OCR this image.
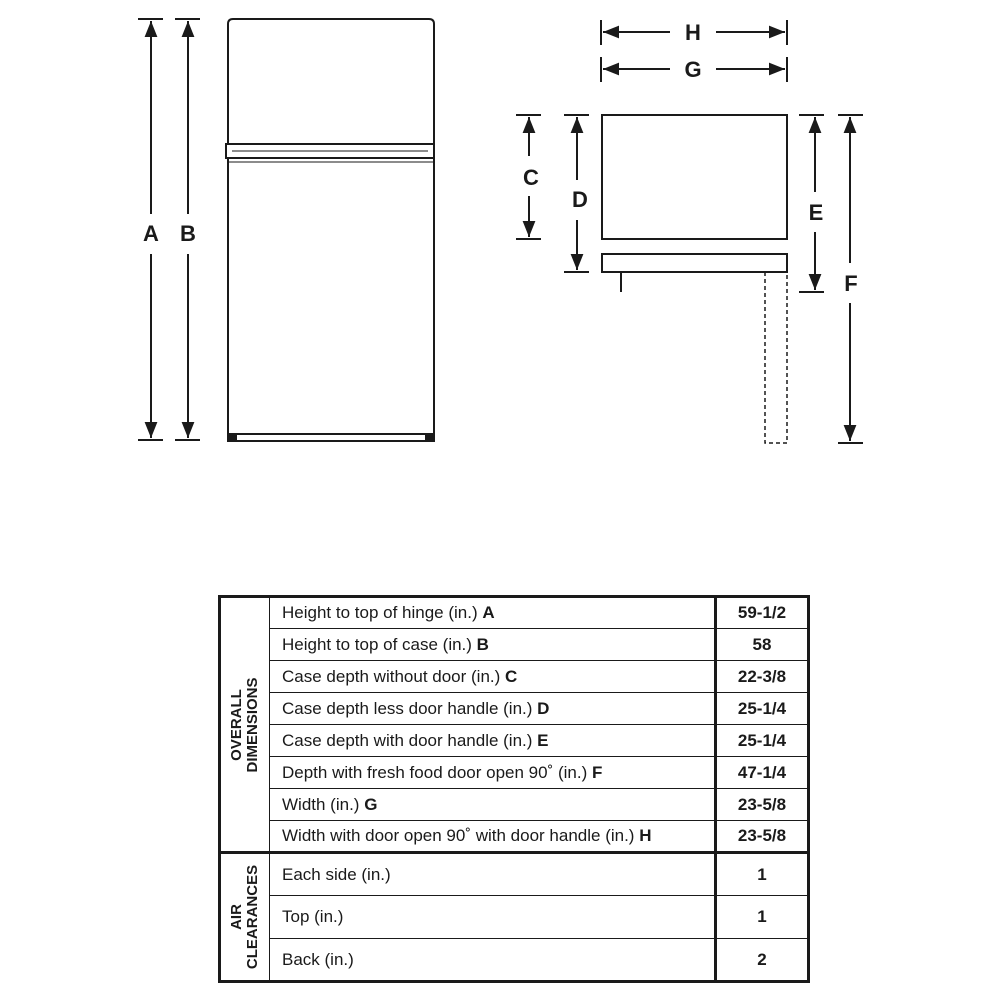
A B
H
G
C
D
E
F
OVERALL DIMENSIONS	Height to top of hinge (in.) A	59-1/2
	Height to top of case (in.) B	58
	Case depth without door (in.) C	22-3/8
	Case depth less door handle (in.) D	25-1/4
	Case depth with door handle (in.) E	25-1/4
	Depth with fresh food door open 90˚ (in.) F	47-1/4
	Width (in.) G	23-5/8
	Width with door open 90˚ with door handle (in.) H	23-5/8

AIR CLEARANCES	Each side (in.)	1
	Top (in.)	1
	Back (in.)	2
